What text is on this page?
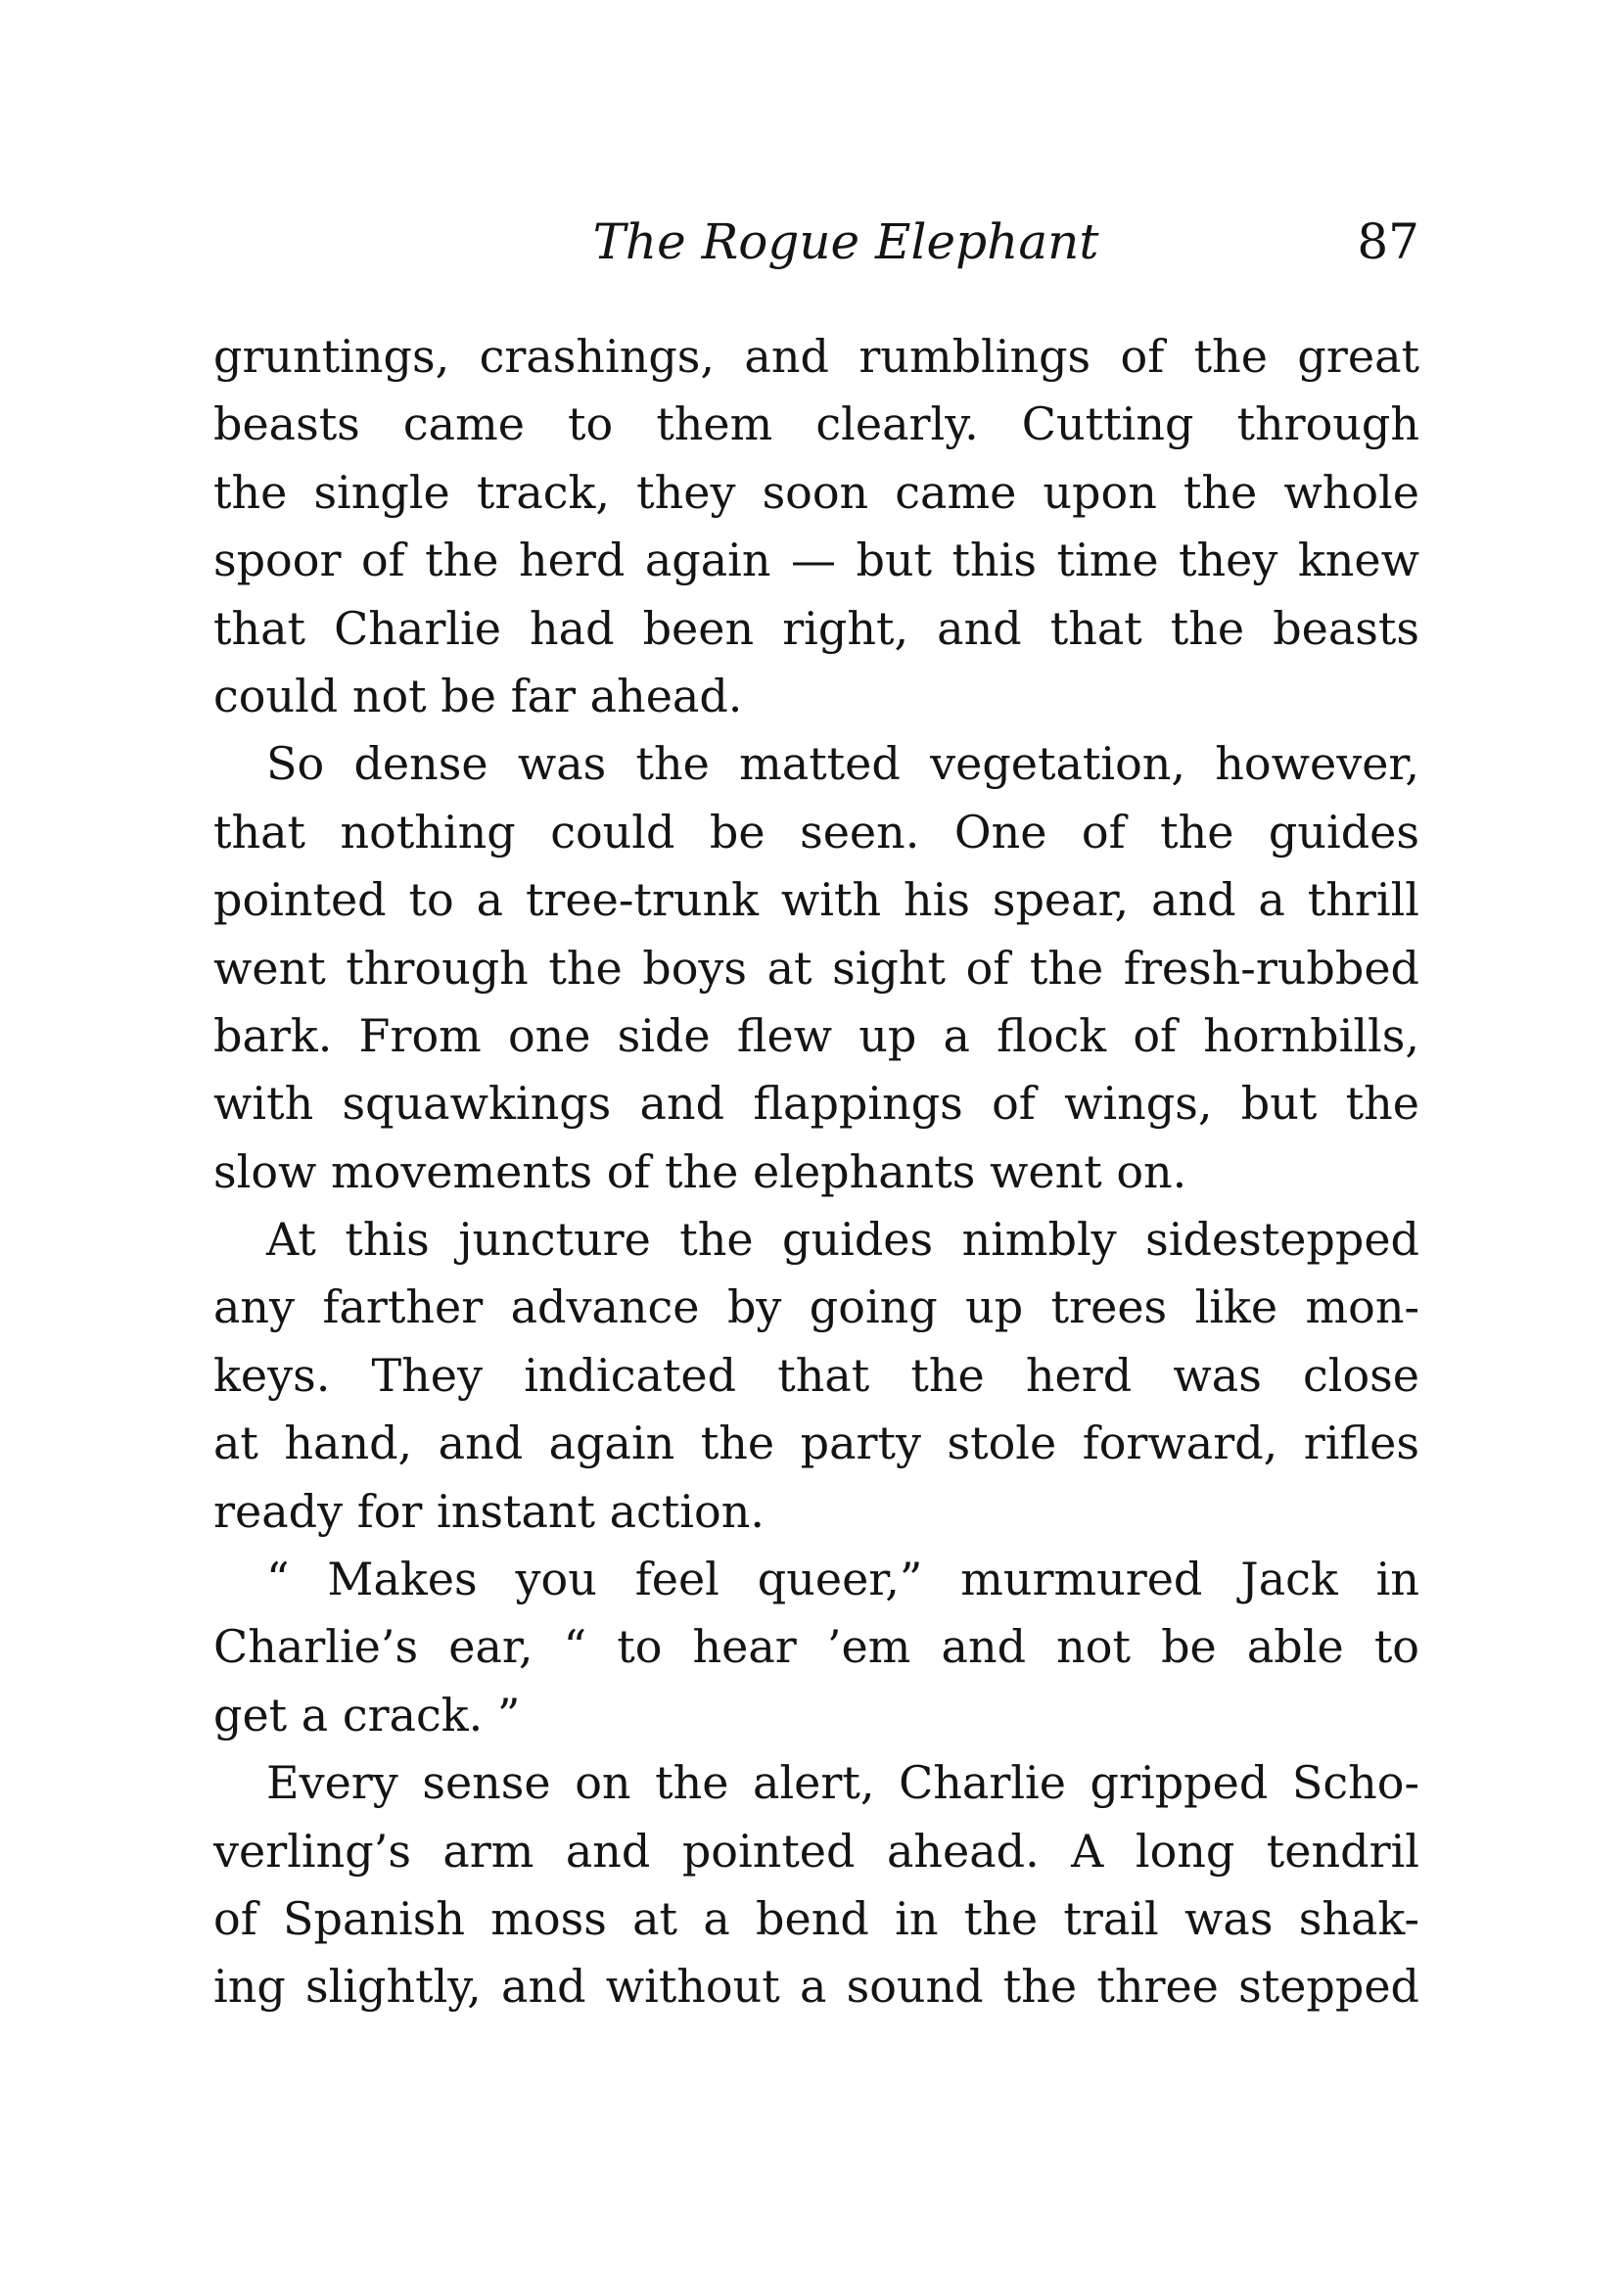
The Rogue Elephant	87
gruntings, crashings, and rumblings of the great
beasts came to them clearly. Cutting through
the single track, they soon came upon the whole
spoor of the herd again — but this time they knew
that Charlie had been right, and that the beasts
could not be far ahead.
So dense was the matted vegetation, however,
that nothing could be seen. One of the guides
pointed to a tree-trunk with his spear, and a thrill
went through the boys at sight of the fresh-rubbed
bark. From one side flew up a flock of hornbills,
with squawkings and flappings of wings, but the
slow movements of the elephants went on.
At this juncture the guides nimbly sidestepped
any farther advance by going up trees like mon-
keys. They indicated that the herd was close
at hand, and again the party stole forward, rifles
ready for instant action.
“ Makes you feel queer,” murmured Jack in
Charlie’s ear, “ to hear ’em and not be able to
get a crack. ”
Every sense on the alert, Charlie gripped Scho-
verling’s arm and pointed ahead. A long tendril
of Spanish moss at a bend in the trail was shak-
ing slightly, and without a sound the three stepped
